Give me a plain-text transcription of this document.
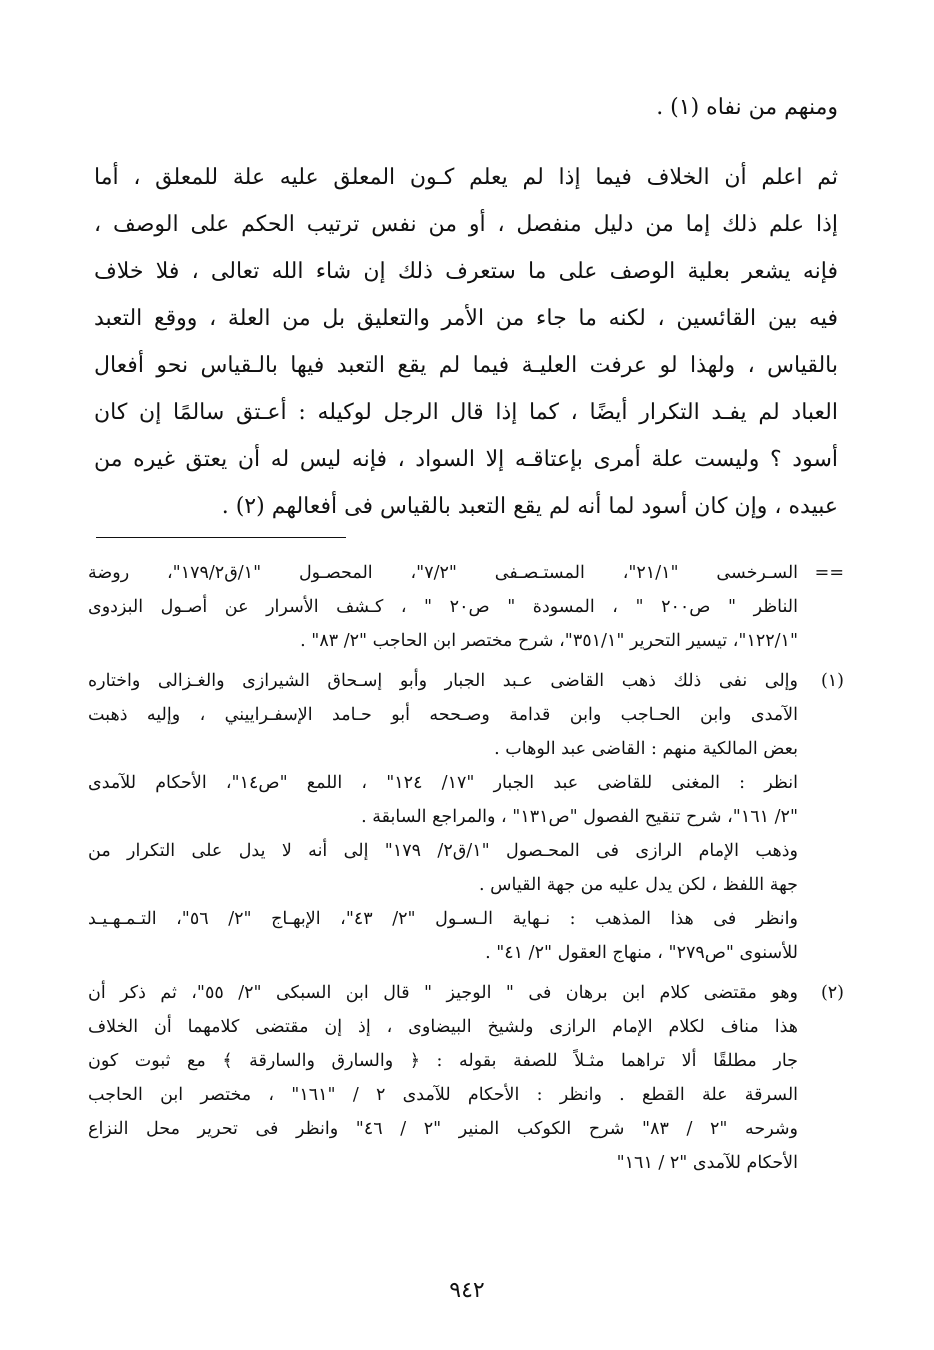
ومنهم من نفاه (١) .
ثم اعلم أن الخلاف فيما إذا لم يعلم كـون المعلق عليه علة للمعلق ، أما
إذا علم ذلك إما من دليل منفصل ، أو من نفس ترتيب الحكم على الوصف ،
فإنه يشعر بعلية الوصف على ما ستعرف ذلك إن شاء الله تعالى ، فلا خلاف
فيه بين القائسين ، لكنه ما جاء من الأمر والتعليق بل من العلة ، ووقع التعبد
بالقياس ، ولهذا لو عرفت العليـة فيما لم يقع التعبد فيها بالـقياس نحو أفعال
العباد لم يفـد التكرار أيضًا ، كما إذا قال الرجل لوكيله : أعـتق سالمًا إن كان
أسود ؟ وليست علة أمرى بإعتاقـه إلا السواد ، فإنه ليس له أن يعتق غيره من
عبيده ، وإن كان أسود لما أنه لم يقع التعبد بالقياس فى أفعالهم (٢) .
==
السـرخسى "٢١/١"، المستـصـفى "٧/٢"، المحصـول "١/ق١٧٩/٢"، روضة
الناظر " ص٢٠٠ " ، المسودة " ص٢٠ " ، كـشف الأسرار عن أصـول البزدوى
"١٢٢/١"، تيسير التحرير "٣٥١/١"، شرح مختصر ابن الحاجب "٢/ ٨٣" .
(١)
وإلى نفى ذلك ذهب القاضى عـبد الجبار وأبو إسـحاق الشيرازى والغـزالى واختاره
الآمدى وابن الحـاجب وابن قدامة وصـححه أبو حـامد الإسفـراييني ، وإليه ذهبت
بعض المالكية منهم : القاضى عبد الوهاب .
انظر : المغنى للقاضى عبد الجبار "١٧/ ١٢٤" ، اللمع "ص١٤"، الأحكام للآمدى
"٢/ ١٦١"، شرح تنقيح الفصول "ص١٣١" ، والمراجع السابقة .
وذهب الإمام الرازى فى المحـصول "١/ق٢/ ١٧٩" إلى أنه لا يدل على التكرار من
جهة اللفظ ، لكن يدل عليه من جهة القياس .
وانظر فى هذا المذهب : نـهاية الـسـول "٢/ ٤٣"، الإبهـاج "٢/ ٥٦"، التـمـهـيـد
للأسنوى "ص٢٧٩" ، منهاج العقول "٢/ ٤١" .
(٢)
وهو مقتضى كلام ابن برهان فى " الوجيز " قال ابن السبكى "٢/ ٥٥"، ثم ذكر أن
هذا مناف لكلام الإمام الرازى ولشيخ البيضاوى ، إذ إن مقتضى كلامهما أن الخلاف
جار مطلقًا ألا تراهما مثـلاً للصفة بقوله : ﴿ والسارق والسارقة ﴾ مع ثبوت كون
السرقة علة القطع . وانظر : الأحكام للآمدى ٢ / "١٦١" ، مختصر ابن الحاجب
وشرحه "٢ / ٨٣" شرح الكوكب المنير "٢ / ٤٦" وانظر فى تحرير محل النزاع
الأحكام للآمدى "٢ / ١٦١"
٩٤٢
